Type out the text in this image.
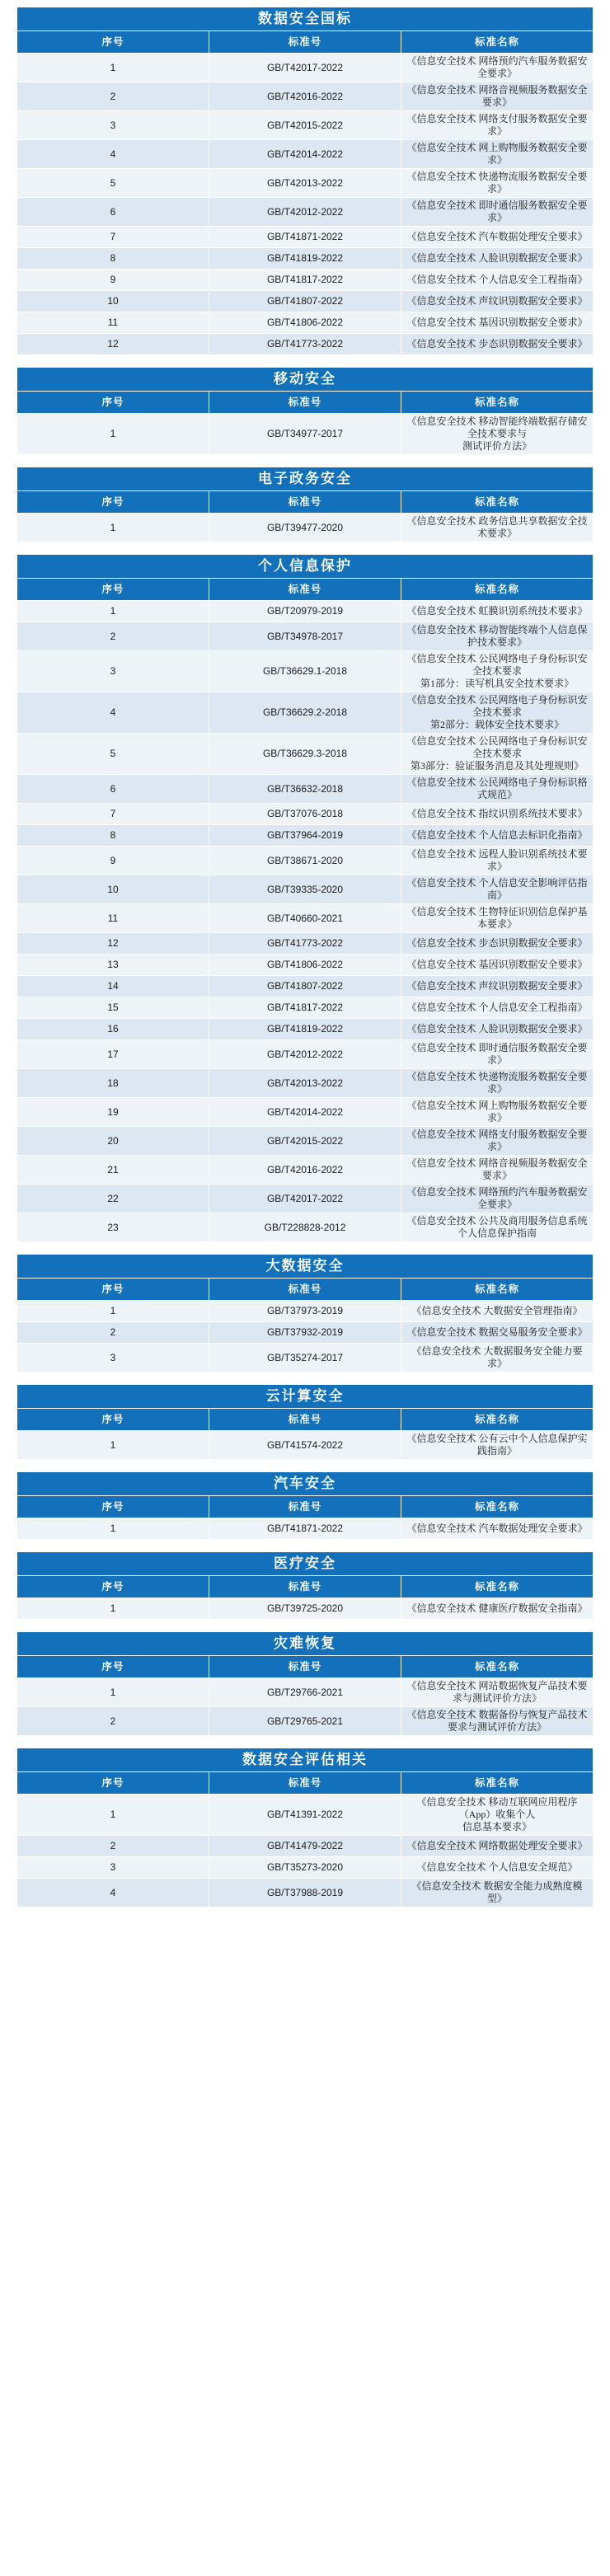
数据安全国标		
序号	标准号	标准名称
1	GB/T42017-2022	《信息安全技术 网络预约汽车服务数据安全要求》
2	GB/T42016-2022	《信息安全技术 网络音视频服务数据安全要求》
3	GB/T42015-2022	《信息安全技术 网络支付服务数据安全要求》
4	GB/T42014-2022	《信息安全技术 网上购物服务数据安全要求》
5	GB/T42013-2022	《信息安全技术 快递物流服务数据安全要求》
6	GB/T42012-2022	《信息安全技术 即时通信服务数据安全要求》
7	GB/T41871-2022	《信息安全技术 汽车数据处理安全要求》
8	GB/T41819-2022	《信息安全技术 人脸识别数据安全要求》
9	GB/T41817-2022	《信息安全技术 个人信息安全工程指南》
10	GB/T41807-2022	《信息安全技术 声纹识别数据安全要求》
11	GB/T41806-2022	《信息安全技术 基因识别数据安全要求》
12	GB/T41773-2022	《信息安全技术 步态识别数据安全要求》
移动安全		
序号	标准号	标准名称
1	GB/T34977-2017	《信息安全技术 移动智能终端数据存储安全技术要求与
测试评价方法》
电子政务安全		
序号	标准号	标准名称
1	GB/T39477-2020	《信息安全技术 政务信息共享数据安全技术要求》
个人信息保护		
序号	标准号	标准名称
1	GB/T20979-2019	《信息安全技术 虹膜识别系统技术要求》
2	GB/T34978-2017	《信息安全技术 移动智能终端个人信息保护技术要求》
3	GB/T36629.1-2018	《信息安全技术 公民网络电子身份标识安全技术要求
第1部分：读写机具安全技术要求》

4	GB/T36629.2-2018	《信息安全技术 公民网络电子身份标识安全技术要求
第2部分：载体安全技术要求》

5	GB/T36629.3-2018	《信息安全技术 公民网络电子身份标识安全技术要求
第3部分：验证服务消息及其处理规则》

6	GB/T36632-2018	《信息安全技术 公民网络电子身份标识格式规范》
7	GB/T37076-2018	《信息安全技术 指纹识别系统技术要求》
8	GB/T37964-2019	《信息安全技术 个人信息去标识化指南》
9	GB/T38671-2020	《信息安全技术 远程人脸识别系统技术要求》
10	GB/T39335-2020	《信息安全技术 个人信息安全影响评估指南》
11	GB/T40660-2021	《信息安全技术 生物特征识别信息保护基本要求》
12	GB/T41773-2022	《信息安全技术 步态识别数据安全要求》
13	GB/T41806-2022	《信息安全技术 基因识别数据安全要求》
14	GB/T41807-2022	《信息安全技术 声纹识别数据安全要求》
15	GB/T41817-2022	《信息安全技术 个人信息安全工程指南》
16	GB/T41819-2022	《信息安全技术 人脸识别数据安全要求》
17	GB/T42012-2022	《信息安全技术 即时通信服务数据安全要求》
18	GB/T42013-2022	《信息安全技术 快递物流服务数据安全要求》
19	GB/T42014-2022	《信息安全技术 网上购物服务数据安全要求》
20	GB/T42015-2022	《信息安全技术 网络支付服务数据安全要求》
21	GB/T42016-2022	《信息安全技术 网络音视频服务数据安全要求》
22	GB/T42017-2022	《信息安全技术 网络预约汽车服务数据安全要求》
23	GB/T228828-2012	《信息安全技术 公共及商用服务信息系统个人信息保护指南
大数据安全		
序号	标准号	标准名称
1	GB/T37973-2019	《信息安全技术 大数据安全管理指南》
2	GB/T37932-2019	《信息安全技术 数据交易服务安全要求》
3	GB/T35274-2017	《信息安全技术 大数据服务安全能力要求》
云计算安全		
序号	标准号	标准名称
1	GB/T41574-2022	《信息安全技术 公有云中个人信息保护实践指南》
汽车安全		
序号	标准号	标准名称
1	GB/T41871-2022	《信息安全技术 汽车数据处理安全要求》
医疗安全		
序号	标准号	标准名称
1	GB/T39725-2020	《信息安全技术 健康医疗数据安全指南》
灾难恢复		
序号	标准号	标准名称
1	GB/T29766-2021	《信息安全技术 网站数据恢复产品技术要求与测试评价方法》
2	GB/T29765-2021	《信息安全技术 数据备份与恢复产品技术要求与测试评价方法》
数据安全评估相关		
序号	标准号	标准名称
1	GB/T41391-2022	《信息安全技术 移动互联网应用程序（App）收集个人
信息基本要求》

2	GB/T41479-2022	《信息安全技术 网络数据处理安全要求》
3	GB/T35273-2020	《信息安全技术 个人信息安全规范》
4	GB/T37988-2019	《信息安全技术 数据安全能力成熟度模型》
